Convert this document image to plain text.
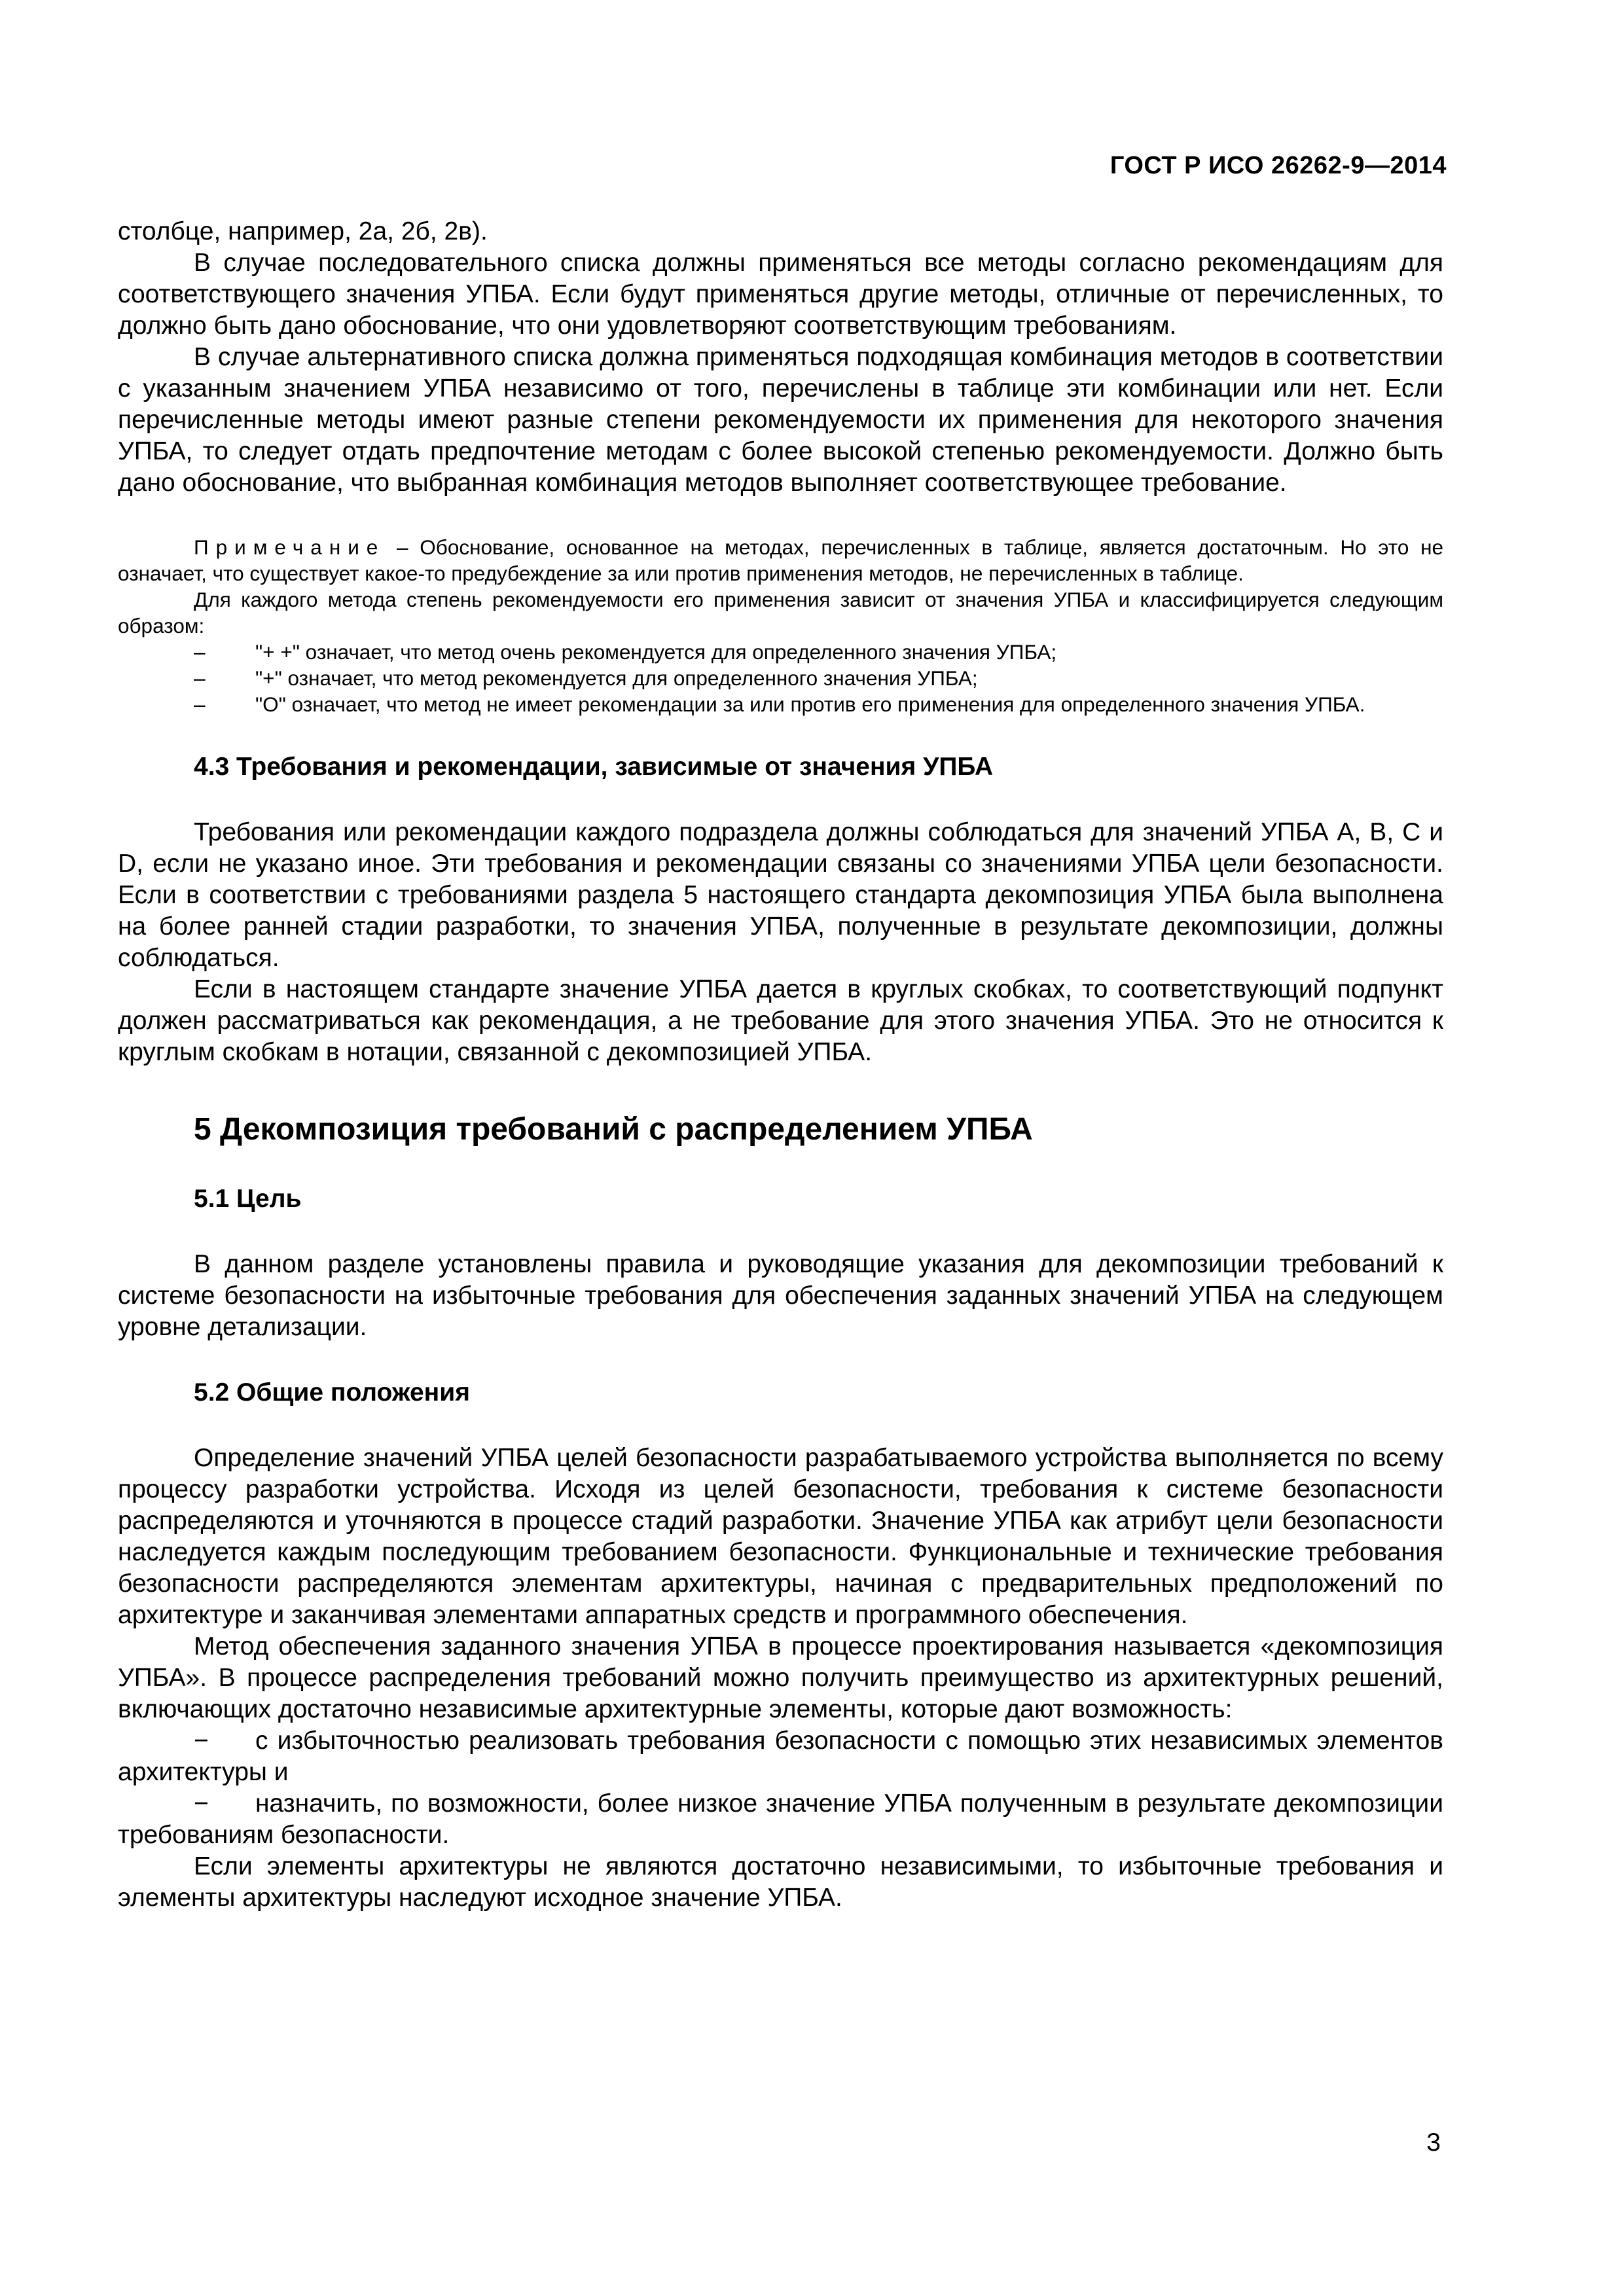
ГОСТ Р ИСО 26262-9—2014

столбце, например, 2а, 2б, 2в).

В случае последовательного списка должны применяться все методы согласно рекомендациям для соответствующего значения УПБА. Если будут применяться другие методы, отличные от перечисленных, то должно быть дано обоснование, что они удовлетворяют соответствующим требованиям.

В случае альтернативного списка должна применяться подходящая комбинация методов в соответствии с указанным значением УПБА независимо от того, перечислены в таблице эти комбинации или нет. Если перечисленные методы имеют разные степени рекомендуемости их применения для некоторого значения УПБА, то следует отдать предпочтение методам с более высокой степенью рекомендуемости. Должно быть дано обоснование, что выбранная комбинация методов выполняет соответствующее требование.

Примечание – Обоснование, основанное на методах, перечисленных в таблице, является достаточным. Но это не означает, что существует какое-то предубеждение за или против применения методов, не перечисленных в таблице.

Для каждого метода степень рекомендуемости его применения зависит от значения УПБА и классифицируется следующим образом:

– "+ +" означает, что метод очень рекомендуется для определенного значения УПБА;

– "+" означает, что метод рекомендуется для определенного значения УПБА;

– "O" означает, что метод не имеет рекомендации за или против его применения для определенного значения УПБА.

4.3 Требования и рекомендации, зависимые от значения УПБА

Требования или рекомендации каждого подраздела должны соблюдаться для значений УПБА A, B, C и D, если не указано иное. Эти требования и рекомендации связаны со значениями УПБА цели безопасности. Если в соответствии с требованиями раздела 5 настоящего стандарта декомпозиция УПБА была выполнена на более ранней стадии разработки, то значения УПБА, полученные в результате декомпозиции, должны соблюдаться.

Если в настоящем стандарте значение УПБА дается в круглых скобках, то соответствующий подпункт должен рассматриваться как рекомендация, а не требование для этого значения УПБА. Это не относится к круглым скобкам в нотации, связанной с декомпозицией УПБА.

5 Декомпозиция требований с распределением УПБА
5.1 Цель

В данном разделе установлены правила и руководящие указания для декомпозиции требований к системе безопасности на избыточные требования для обеспечения заданных значений УПБА на следующем уровне детализации.

5.2 Общие положения

Определение значений УПБА целей безопасности разрабатываемого устройства выполняется по всему процессу разработки устройства. Исходя из целей безопасности, требования к системе безопасности распределяются и уточняются в процессе стадий разработки. Значение УПБА как атрибут цели безопасности наследуется каждым последующим требованием безопасности. Функциональные и технические требования безопасности распределяются элементам архитектуры, начиная с предварительных предположений по архитектуре и заканчивая элементами аппаратных средств и программного обеспечения.

Метод обеспечения заданного значения УПБА в процессе проектирования называется «декомпозиция УПБА». В процессе распределения требований можно получить преимущество из архитектурных решений, включающих достаточно независимые архитектурные элементы, которые дают возможность:

− с избыточностью реализовать требования безопасности с помощью этих независимых элементов архитектуры и

− назначить, по возможности, более низкое значение УПБА полученным в результате декомпозиции требованиям безопасности.

Если элементы архитектуры не являются достаточно независимыми, то избыточные требования и элементы архитектуры наследуют исходное значение УПБА.

3
